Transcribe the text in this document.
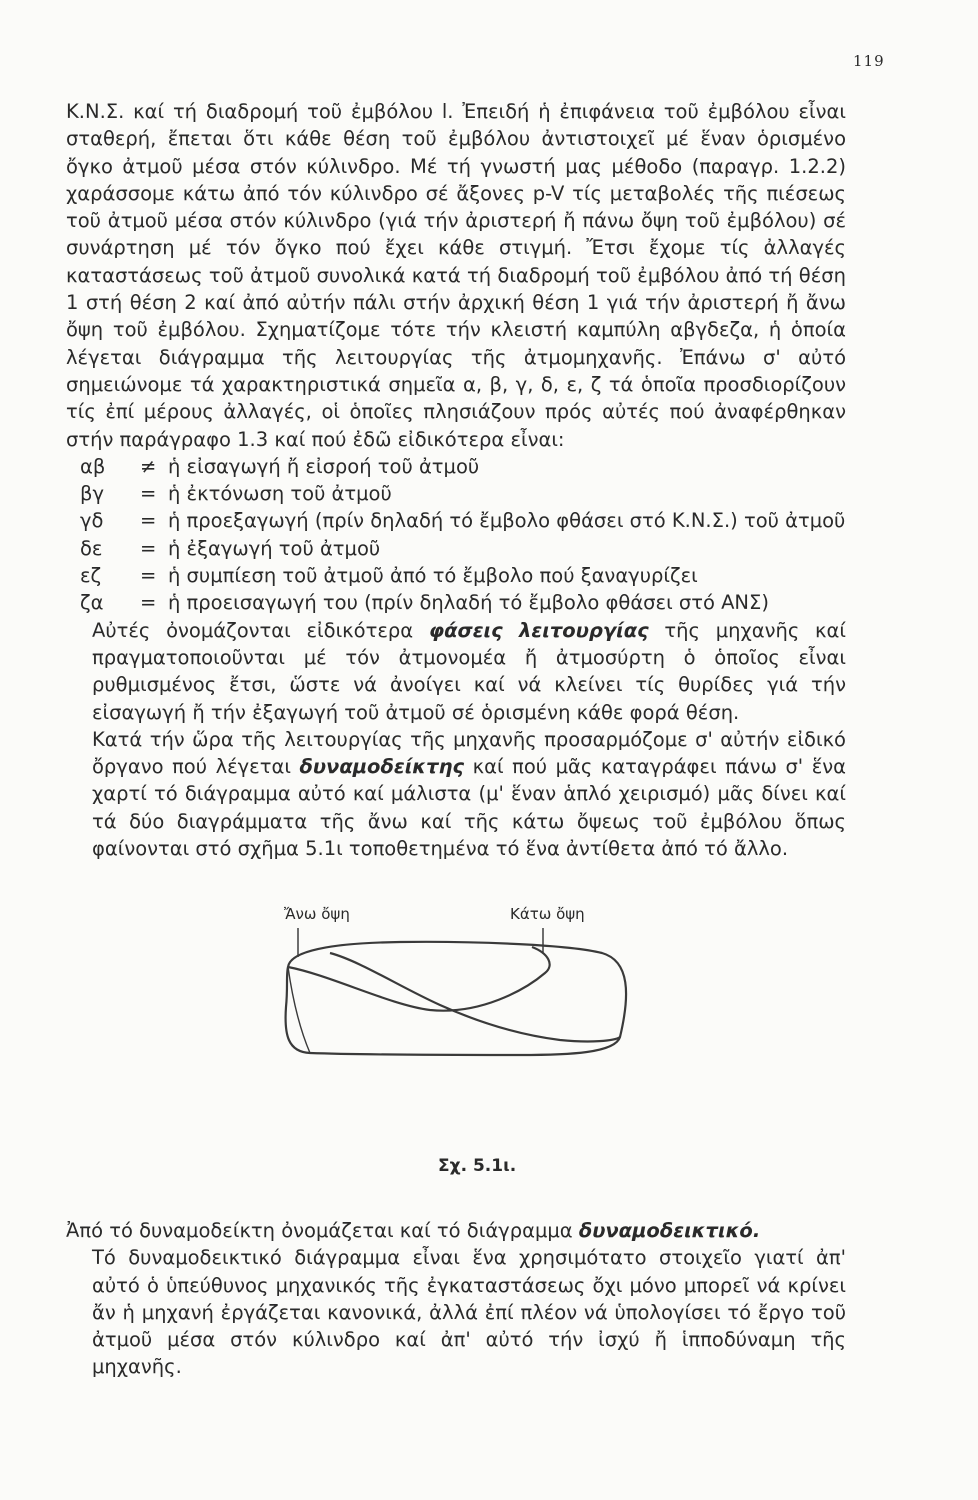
119

Κ.Ν.Σ. καί τή διαδρομή τοῦ ἐμβόλου l. Ἐπειδή ἡ ἐπιφάνεια τοῦ ἐμβόλου εἶναι σταθερή, ἔπεται ὅτι κάθε θέση τοῦ ἐμβόλου ἀντιστοιχεῖ μέ ἕναν ὁρισμένο ὄγκο ἀτμοῦ μέσα στόν κύλινδρο. Μέ τή γνωστή μας μέθοδο (παραγρ. 1.2.2) χαράσσομε κάτω ἀπό τόν κύλινδρο σέ ἄξονες p-V τίς μεταβολές τῆς πιέσεως τοῦ ἀτμοῦ μέσα στόν κύλινδρο (γιά τήν ἀριστερή ἤ πάνω ὄψη τοῦ ἐμβόλου) σέ συνάρτηση μέ τόν ὄγκο πού ἔχει κάθε στιγμή. Ἔτσι ἔχομε τίς ἀλλαγές καταστάσεως τοῦ ἀτμοῦ συνολικά κατά τή διαδρομή τοῦ ἐμβόλου ἀπό τή θέση 1 στή θέση 2 καί ἀπό αὐτήν πάλι στήν ἀρχική θέση 1 γιά τήν ἀριστερή ἤ ἄνω ὄψη τοῦ ἐμβόλου. Σχηματίζομε τότε τήν κλειστή καμπύλη αβγδεζα, ἡ ὁποία λέγεται διάγραμμα τῆς λειτουργίας τῆς ἀτμομηχανῆς. Ἐπάνω σ' αὐτό σημειώνομε τά χαρακτηριστικά σημεῖα α, β, γ, δ, ε, ζ τά ὁποῖα προσδιορίζουν τίς ἐπί μέρους ἀλλαγές, οἱ ὁποῖες πλησιάζουν πρός αὐτές πού ἀναφέρθηκαν στήν παράγραφο 1.3 καί πού ἐδῶ εἰδικότερα εἶναι:

αβ ≠ ἡ εἰσαγωγή ἤ εἰσροή τοῦ ἀτμοῦ
βγ = ἡ ἐκτόνωση τοῦ ἀτμοῦ
γδ = ἡ προεξαγωγή (πρίν δηλαδή τό ἔμβολο φθάσει στό Κ.Ν.Σ.) τοῦ ἀτμοῦ
δε = ἡ ἐξαγωγή τοῦ ἀτμοῦ
εζ = ἡ συμπίεση τοῦ ἀτμοῦ ἀπό τό ἔμβολο πού ξαναγυρίζει
ζα = ἡ προεισαγωγή του (πρίν δηλαδή τό ἔμβολο φθάσει στό ΑΝΣ)

Αὐτές ὀνομάζονται εἰδικότερα φάσεις λειτουργίας τῆς μηχανῆς καί πραγματοποιοῦνται μέ τόν ἀτμονομέα ἤ ἀτμοσύρτη ὁ ὁποῖος εἶναι ρυθμισμένος ἔτσι, ὥστε νά ἀνοίγει καί νά κλείνει τίς θυρίδες γιά τήν εἰσαγωγή ἤ τήν ἐξαγωγή τοῦ ἀτμοῦ σέ ὁρισμένη κάθε φορά θέση.

Κατά τήν ὥρα τῆς λειτουργίας τῆς μηχανῆς προσαρμόζομε σ' αὐτήν εἰδικό ὄργανο πού λέγεται δυναμοδείκτης καί πού μᾶς καταγράφει πάνω σ' ἕνα χαρτί τό διάγραμμα αὐτό καί μάλιστα (μ' ἕναν ἁπλό χειρισμό) μᾶς δίνει καί τά δύο διαγράμματα τῆς ἄνω καί τῆς κάτω ὄψεως τοῦ ἐμβόλου ὅπως φαίνονται στό σχῆμα 5.1ι τοποθετημένα τό ἕνα ἀντίθετα ἀπό τό ἄλλο.

Ἄνω ὄψη	Κάτω ὄψη
Σχ. 5.1ι.

Ἀπό τό δυναμοδείκτη ὀνομάζεται καί τό διάγραμμα δυναμοδεικτικό.

Τό δυναμοδεικτικό διάγραμμα εἶναι ἕνα χρησιμότατο στοιχεῖο γιατί ἀπ' αὐτό ὁ ὑπεύθυνος μηχανικός τῆς ἐγκαταστάσεως ὄχι μόνο μπορεῖ νά κρίνει ἄν ἡ μηχανή ἐργάζεται κανονικά, ἀλλά ἐπί πλέον νά ὑπολογίσει τό ἔργο τοῦ ἀτμοῦ μέσα στόν κύλινδρο καί ἀπ' αὐτό τήν ἰσχύ ἤ ἱπποδύναμη τῆς μηχανῆς.
